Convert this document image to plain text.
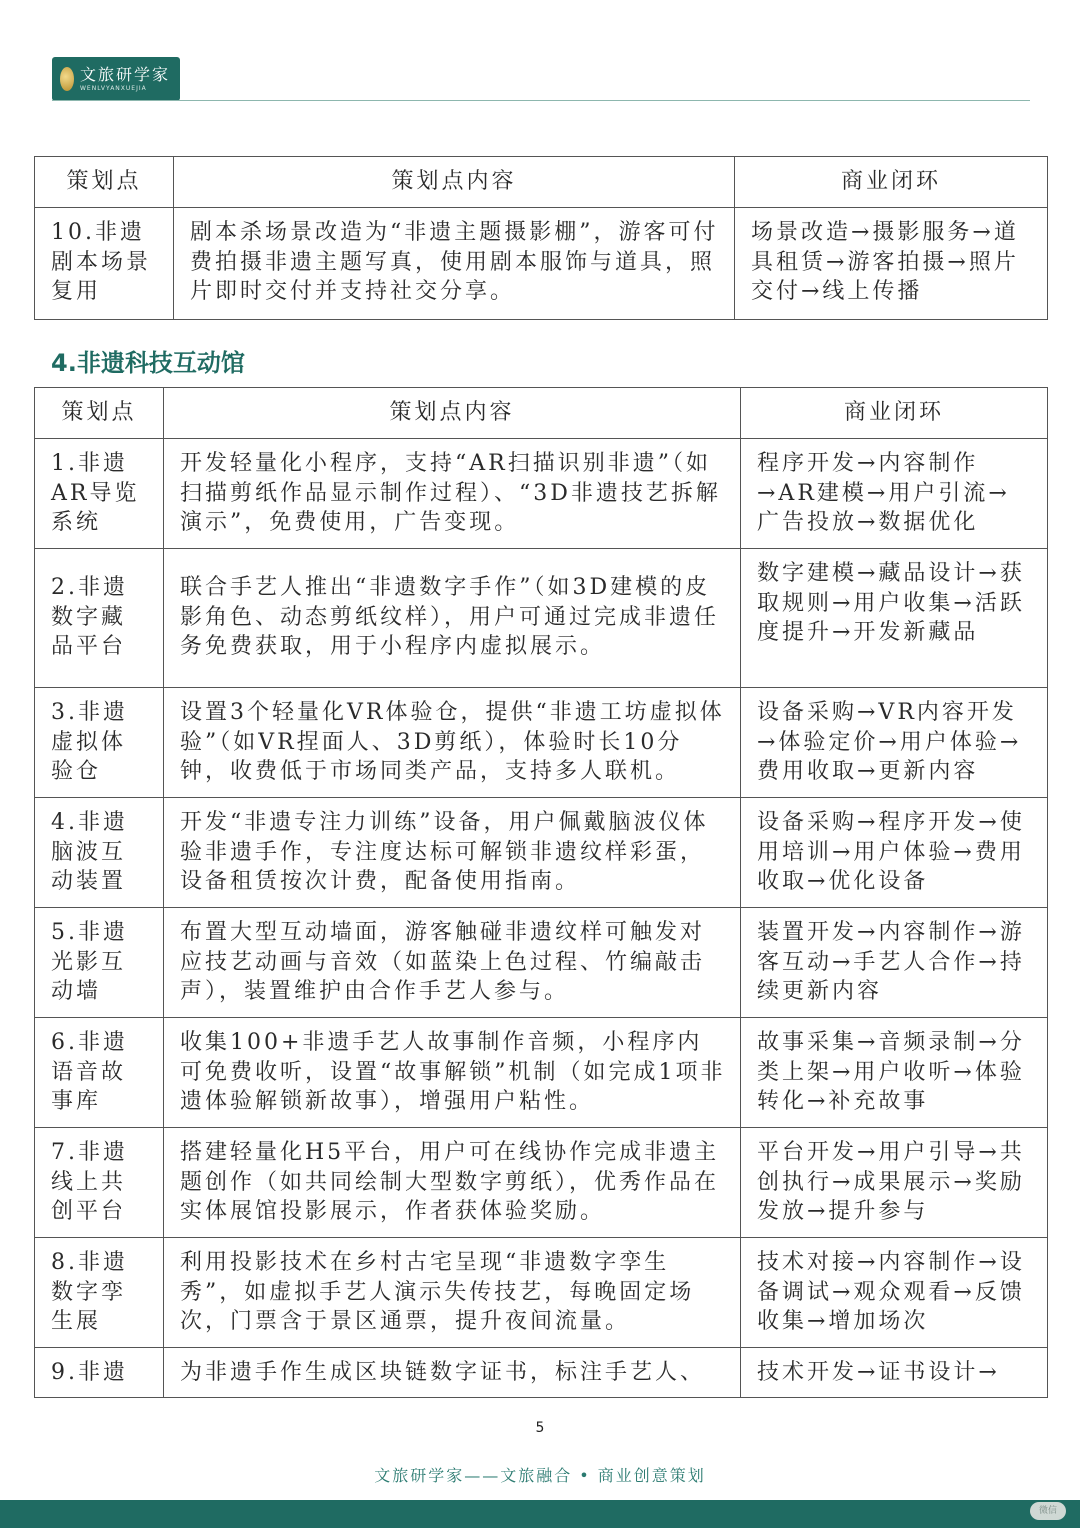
文旅研学家
WENLVYANXUEJIA
策划点	策划点内容	商业闭环
10.非遗剧本场景复用	剧本杀场景改造为“非遗主题摄影棚”，游客可付费拍摄非遗主题写真，使用剧本服饰与道具，照片即时交付并支持社交分享。	场景改造→摄影服务→道具租赁→游客拍摄→照片交付→线上传播
4.非遗科技互动馆
策划点	策划点内容	商业闭环
1.非遗AR导览系统	开发轻量化小程序，支持“AR扫描识别非遗”（如扫描剪纸作品显示制作过程）、“3D非遗技艺拆解演示”，免费使用，广告变现。	程序开发→内容制作→AR建模→用户引流→广告投放→数据优化
2.非遗数字藏品平台	联合手艺人推出“非遗数字手作”（如3D建模的皮影角色、动态剪纸纹样），用户可通过完成非遗任务免费获取，用于小程序内虚拟展示。	数字建模→藏品设计→获取规则→用户收集→活跃度提升→开发新藏品
3.非遗虚拟体验仓	设置3个轻量化VR体验仓，提供“非遗工坊虚拟体验”（如VR捏面人、3D剪纸），体验时长10分钟，收费低于市场同类产品，支持多人联机。	设备采购→VR内容开发→体验定价→用户体验→费用收取→更新内容
4.非遗脑波互动装置	开发“非遗专注力训练”设备，用户佩戴脑波仪体验非遗手作，专注度达标可解锁非遗纹样彩蛋，设备租赁按次计费，配备使用指南。	设备采购→程序开发→使用培训→用户体验→费用收取→优化设备
5.非遗光影互动墙	布置大型互动墙面，游客触碰非遗纹样可触发对应技艺动画与音效（如蓝染上色过程、竹编敲击声），装置维护由合作手艺人参与。	装置开发→内容制作→游客互动→手艺人合作→持续更新内容
6.非遗语音故事库	收集100+非遗手艺人故事制作音频，小程序内可免费收听，设置“故事解锁”机制（如完成1项非遗体验解锁新故事），增强用户粘性。	故事采集→音频录制→分类上架→用户收听→体验转化→补充故事
7.非遗线上共创平台	搭建轻量化H5平台，用户可在线协作完成非遗主题创作（如共同绘制大型数字剪纸），优秀作品在实体展馆投影展示，作者获体验奖励。	平台开发→用户引导→共创执行→成果展示→奖励发放→提升参与
8.非遗数字孪生展	利用投影技术在乡村古宅呈现“非遗数字孪生秀”，如虚拟手艺人演示失传技艺，每晚固定场次，门票含于景区通票，提升夜间流量。	技术对接→内容制作→设备调试→观众观看→反馈收集→增加场次
9.非遗	为非遗手作生成区块链数字证书，标注手艺人、	技术开发→证书设计→
5
文旅研学家——文旅融合 • 商业创意策划
微信
